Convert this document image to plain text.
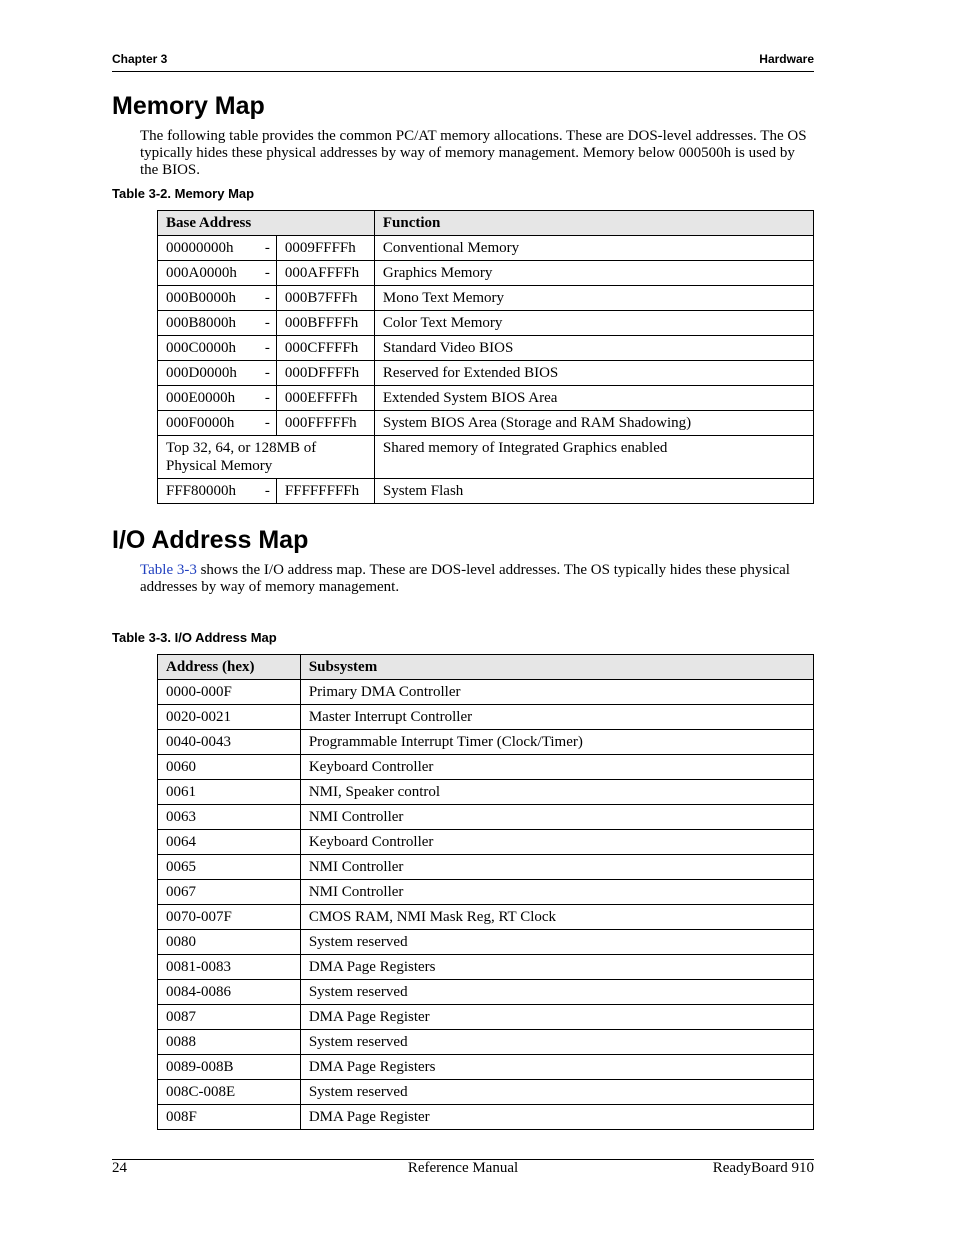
Chapter 3	Hardware
Memory Map

The following table provides the common PC/AT memory allocations. These are DOS-level addresses. The OS typically hides these physical addresses by way of memory management. Memory below 000500h is used by the BIOS.

Table 3-2. Memory Map
Base Address		Function
00000000h -	0009FFFFh	Conventional Memory
000A0000h -	000AFFFFh	Graphics Memory
000B0000h -	000B7FFFh	Mono Text Memory
000B8000h -	000BFFFFh	Color Text Memory
000C0000h -	000CFFFFh	Standard Video BIOS
000D0000h -	000DFFFFh	Reserved for Extended BIOS
000E0000h -	000EFFFFh	Extended System BIOS Area
000F0000h -	000FFFFFh	System BIOS Area (Storage and RAM Shadowing)
Top 32, 64, or 128MB of Physical Memory		Shared memory of Integrated Graphics enabled
FFF80000h -	FFFFFFFFh	System Flash
I/O Address Map

Table 3-3 shows the I/O address map. These are DOS-level addresses. The OS typically hides these physical addresses by way of memory management.

Table 3-3. I/O Address Map
Address (hex)	Subsystem
0000-000F	Primary DMA Controller
0020-0021	Master Interrupt Controller
0040-0043	Programmable Interrupt Timer (Clock/Timer)
0060	Keyboard Controller
0061	NMI, Speaker control
0063	NMI Controller
0064	Keyboard Controller
0065	NMI Controller
0067	NMI Controller
0070-007F	CMOS RAM, NMI Mask Reg, RT Clock
0080	System reserved
0081-0083	DMA Page Registers
0084-0086	System reserved
0087	DMA Page Register
0088	System reserved
0089-008B	DMA Page Registers
008C-008E	System reserved
008F	DMA Page Register
24	Reference Manual	ReadyBoard 910
